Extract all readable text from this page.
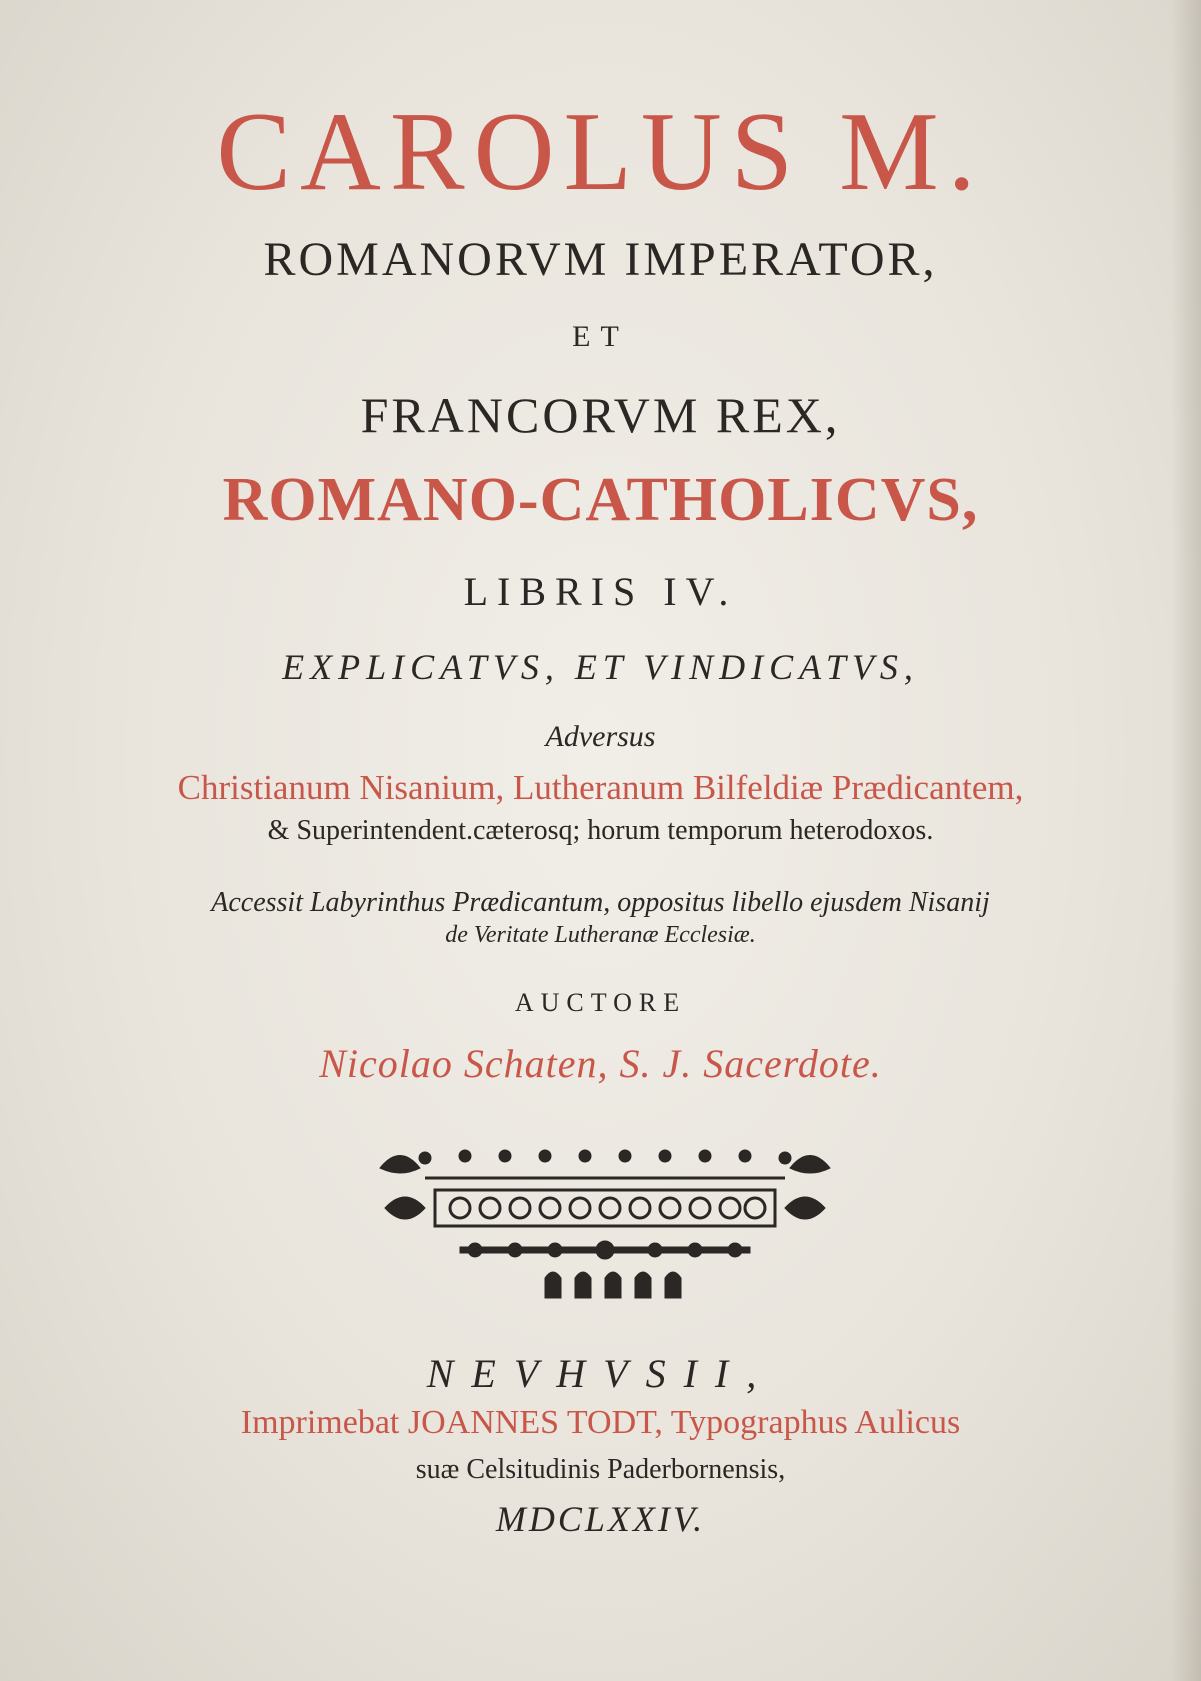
CAROLUS M.
ROMANORVM IMPERATOR,
ET
FRANCORVM REX,
ROMANO-CATHOLICVS,
LIBRIS IV.
EXPLICATVS, ET VINDICATVS,
Adversus
Christianum Nisanium, Lutheranum Bilfeldiæ Prædicantem,
& Superintendent.cæterosq; horum temporum heterodoxos.
Accessit Labyrinthus Prædicantum, oppositus libello ejusdem Nisanij
de Veritate Lutheranæ Ecclesiæ.
AUCTORE
Nicolao Schaten, S. J. Sacerdote.
NEVHVSII,
Imprimebat JOANNES TODT, Typographus Aulicus
suæ Celsitudinis Paderbornensis,
MDCLXXIV.
